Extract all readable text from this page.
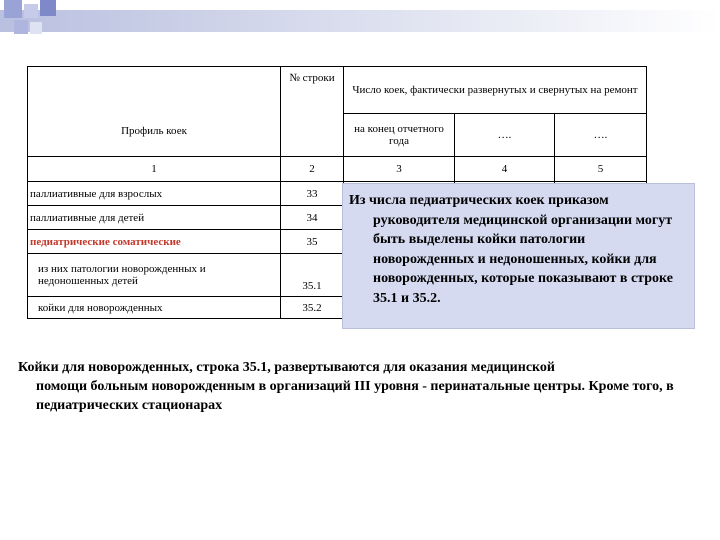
Профиль коек	№ строки	Число коек, фактически развернутых и свернутых на ремонт		
		на конец отчетного года	….	….
1	2	3	4	5
паллиативные для взрослых	33			
паллиативные для детей	34			
педиатрические соматические	35			
из них патологии новорожденных и недоношенных детей	35.1			
койки для новорожденных	35.2			
Из числа педиатрических коек приказом
руководителя медицинской организации могут быть выделены койки патологии новорожденных и недоношенных, койки для новорожденных, которые показывают в строке 35.1 и 35.2.
Койки для новорожденных, строка 35.1, развертываются для оказания медицинской
помощи больным новорожденным в организаций III уровня - перинатальные центры. Кроме того, в педиатрических стационарах
